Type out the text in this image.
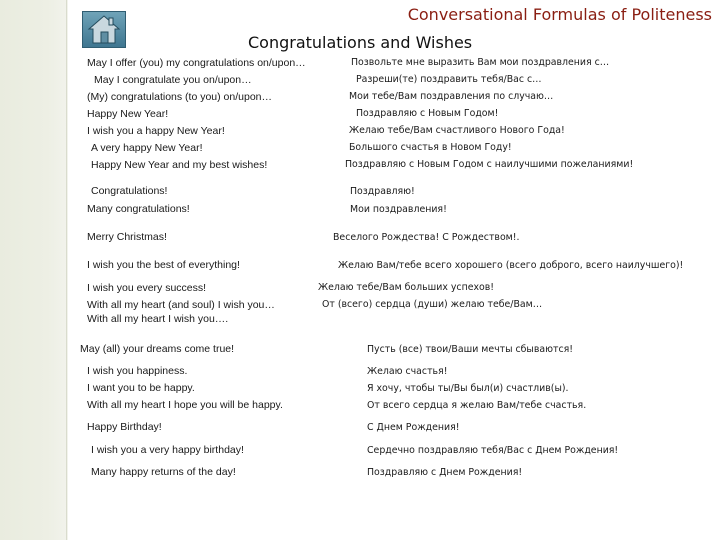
Conversational Formulas of Politeness
Congratulations and Wishes
May I offer (you) my congratulations on/upon…
May I congratulate you on/upon…
(My) congratulations (to you) on/upon…
Happy New Year!
I wish you a happy New Year!
A very happy New Year!
Happy New Year and my best wishes!
Congratulations!
Many congratulations!
Merry Christmas!
I wish you the best of everything!
I wish you every success!
With all my heart (and soul) I wish you…
With all my heart I wish you….
May (all) your dreams come true!
I wish you happiness.
I want you to be happy.
With all my heart I hope you will be happy.
Happy Birthday!
I wish you a very happy birthday!
Many happy returns of the day!
Позвольте мне выразить Вам мои поздравления с…
Разреши(те) поздравить тебя/Вас с…
Мои тебе/Вам поздравления по случаю…
Поздравляю с Новым Годом!
Желаю тебе/Вам счастливого Нового Года!
Большого счастья в Новом Году!
Поздравляю с Новым Годом с наилучшими пожеланиями!
Поздравляю!
Мои поздравления!
Веселого Рождества! С Рождеством!.
Желаю Вам/тебе всего хорошего (всего доброго, всего наилучшего)!
Желаю тебе/Вам больших успехов!
От (всего) сердца (души) желаю тебе/Вам…
Пусть (все) твои/Ваши мечты сбываются!
Желаю счастья!
Я хочу, чтобы ты/Вы был(и) счастлив(ы).
От всего сердца я желаю Вам/тебе счастья.
С Днем Рождения!
Сердечно поздравляю тебя/Вас с Днем Рождения!
Поздравляю с Днем Рождения!
